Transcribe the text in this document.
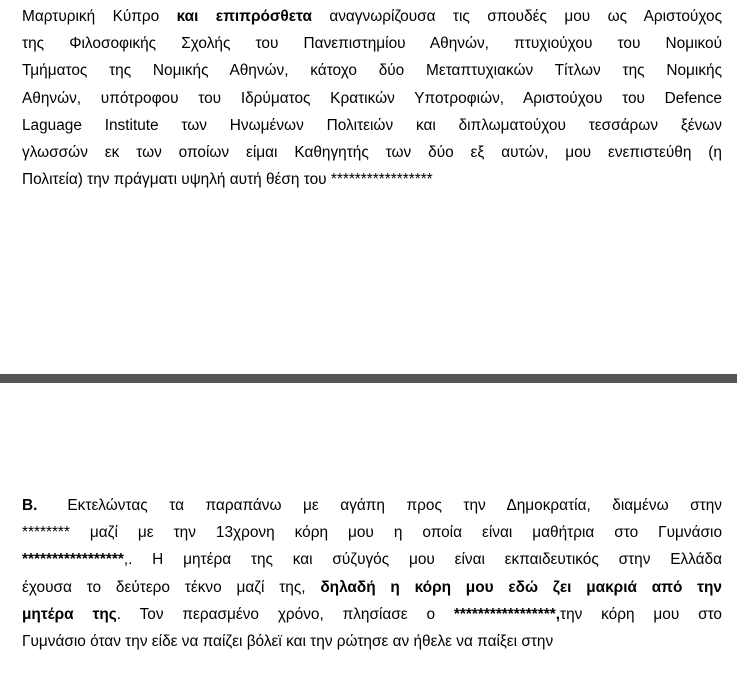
Μαρτυρική Κύπρο και επιπρόσθετα αναγνωρίζουσα τις σπουδές μου ως Αριστούχος
της Φιλοσοφικής Σχολής του Πανεπιστημίου Αθηνών, πτυχιούχου του Νομικού
Τμήματος της Νομικής Αθηνών, κάτοχο δύο Μεταπτυχιακών Τίτλων της Νομικής
Αθηνών, υπότροφου του Ιδρύματος Κρατικών Υποτροφιών, Αριστούχου του Defence
Laguage Institute των Ηνωμένων Πολιτειών και διπλωματούχου τεσσάρων ξένων
γλωσσών εκ των οποίων είμαι Καθηγητής των δύο εξ αυτών, μου ενεπιστεύθη (η
Πολιτεία) την πράγματι υψηλή αυτή θέση του *****************
Β. Εκτελώντας τα παραπάνω με αγάπη προς την Δημοκρατία, διαμένω στην
******** μαζί με την 13χρονη κόρη μου η οποία είναι μαθήτρια στο Γυμνάσιο
*****************,. Η μητέρα της και σύζυγός μου είναι εκπαιδευτικός στην Ελλάδα
έχουσα το δεύτερο τέκνο μαζί της, δηλαδή η κόρη μου εδώ ζει μακριά από την
μητέρα της. Τον περασμένο χρόνο, πλησίασε ο *****************,την κόρη μου στο
Γυμνάσιο όταν την είδε να παίζει βόλεϊ και την ρώτησε αν ήθελε να παίξει στην
